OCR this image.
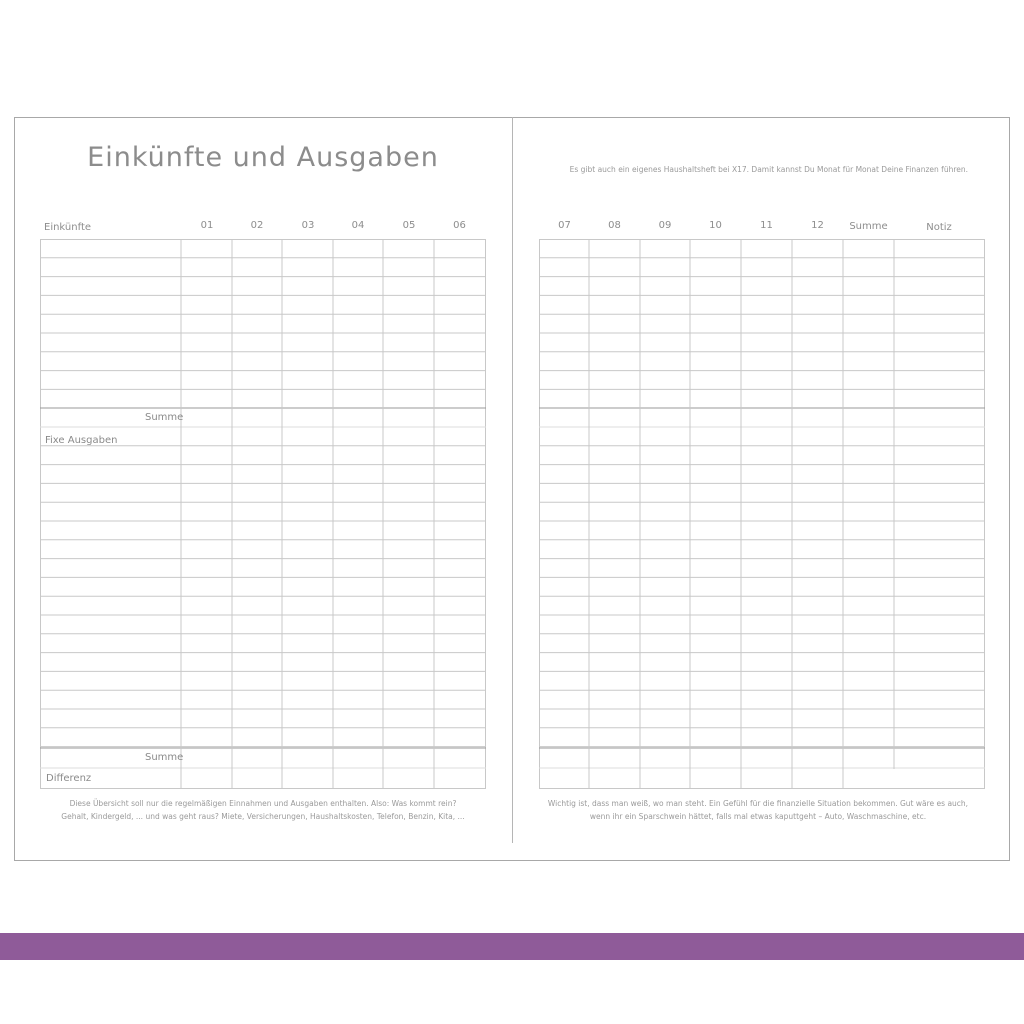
Einkünfte und Ausgaben
Einkünfte	01	02	03	04	05	06
Summe
Fixe Ausgaben
Summe
Differenz
Diese Übersicht soll nur die regelmäßigen Einnahmen und Ausgaben enthalten. Also: Was kommt rein?
Gehalt, Kindergeld, ... und was geht raus? Miete, Versicherungen, Haushaltskosten, Telefon, Benzin, Kita, ...
Es gibt auch ein eigenes Haushaltsheft bei X17. Damit kannst Du Monat für Monat Deine Finanzen führen.
07	08	09	10	11	12	Summe	Notiz
Wichtig ist, dass man weiß, wo man steht. Ein Gefühl für die finanzielle Situation bekommen. Gut wäre es auch,
wenn ihr ein Sparschwein hättet, falls mal etwas kaputtgeht – Auto, Waschmaschine, etc.
